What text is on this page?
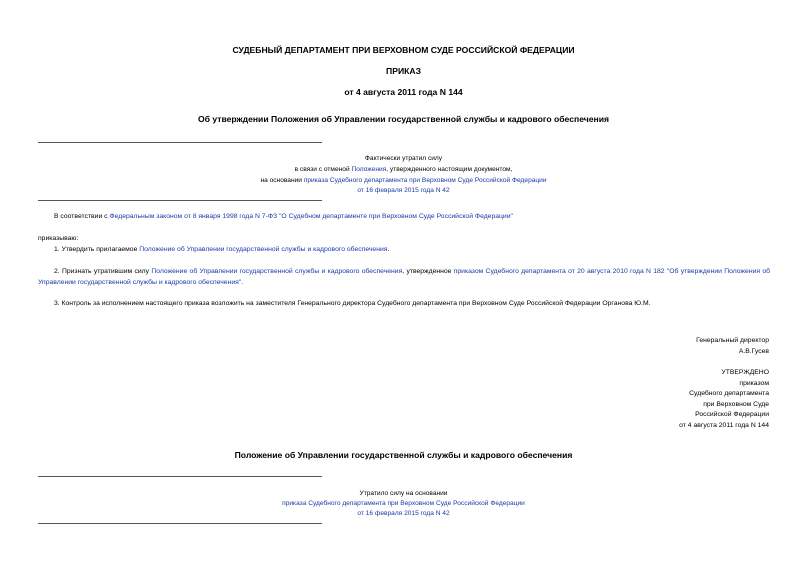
СУДЕБНЫЙ ДЕПАРТАМЕНТ ПРИ ВЕРХОВНОМ СУДЕ РОССИЙСКОЙ ФЕДЕРАЦИИ
ПРИКАЗ
от 4 августа 2011 года N 144
Об утверждении Положения об Управлении государственной службы и кадрового обеспечения
Фактически утратил силу
в связи с отменой Положения, утвержденного настоящим документом,
на основании приказа Судебного департамента при Верховном Суде Российской Федерации
от 16 февраля 2015 года N 42
В соответствии с Федеральным законом от 8 января 1998 года N 7-ФЗ "О Судебном департаменте при Верховном Суде Российской Федерации"
приказываю:
1. Утвердить прилагаемое Положение об Управлении государственной службы и кадрового обеспечения.
2. Признать утратившим силу Положение об Управлении государственной службы и кадрового обеспечения, утвержденное приказом Судебного департамента от 20 августа 2010 года N 182 "Об утверждении Положения об Управлении государственной службы и кадрового обеспечения".
3. Контроль за исполнением настоящего приказа возложить на заместителя Генерального директора Судебного департамента при Верховном Суде Российской Федерации Органова Ю.М.
Генеральный директор
А.В.Гусев
УТВЕРЖДЕНО
приказом
Судебного департамента
при Верховном Суде
Российской Федерации
от 4 августа 2011 года N 144
Положение об Управлении государственной службы и кадрового обеспечения
Утратило силу на основании
приказа Судебного департамента при Верховном Суде Российской Федерации
от 16 февраля 2015 года N 42
